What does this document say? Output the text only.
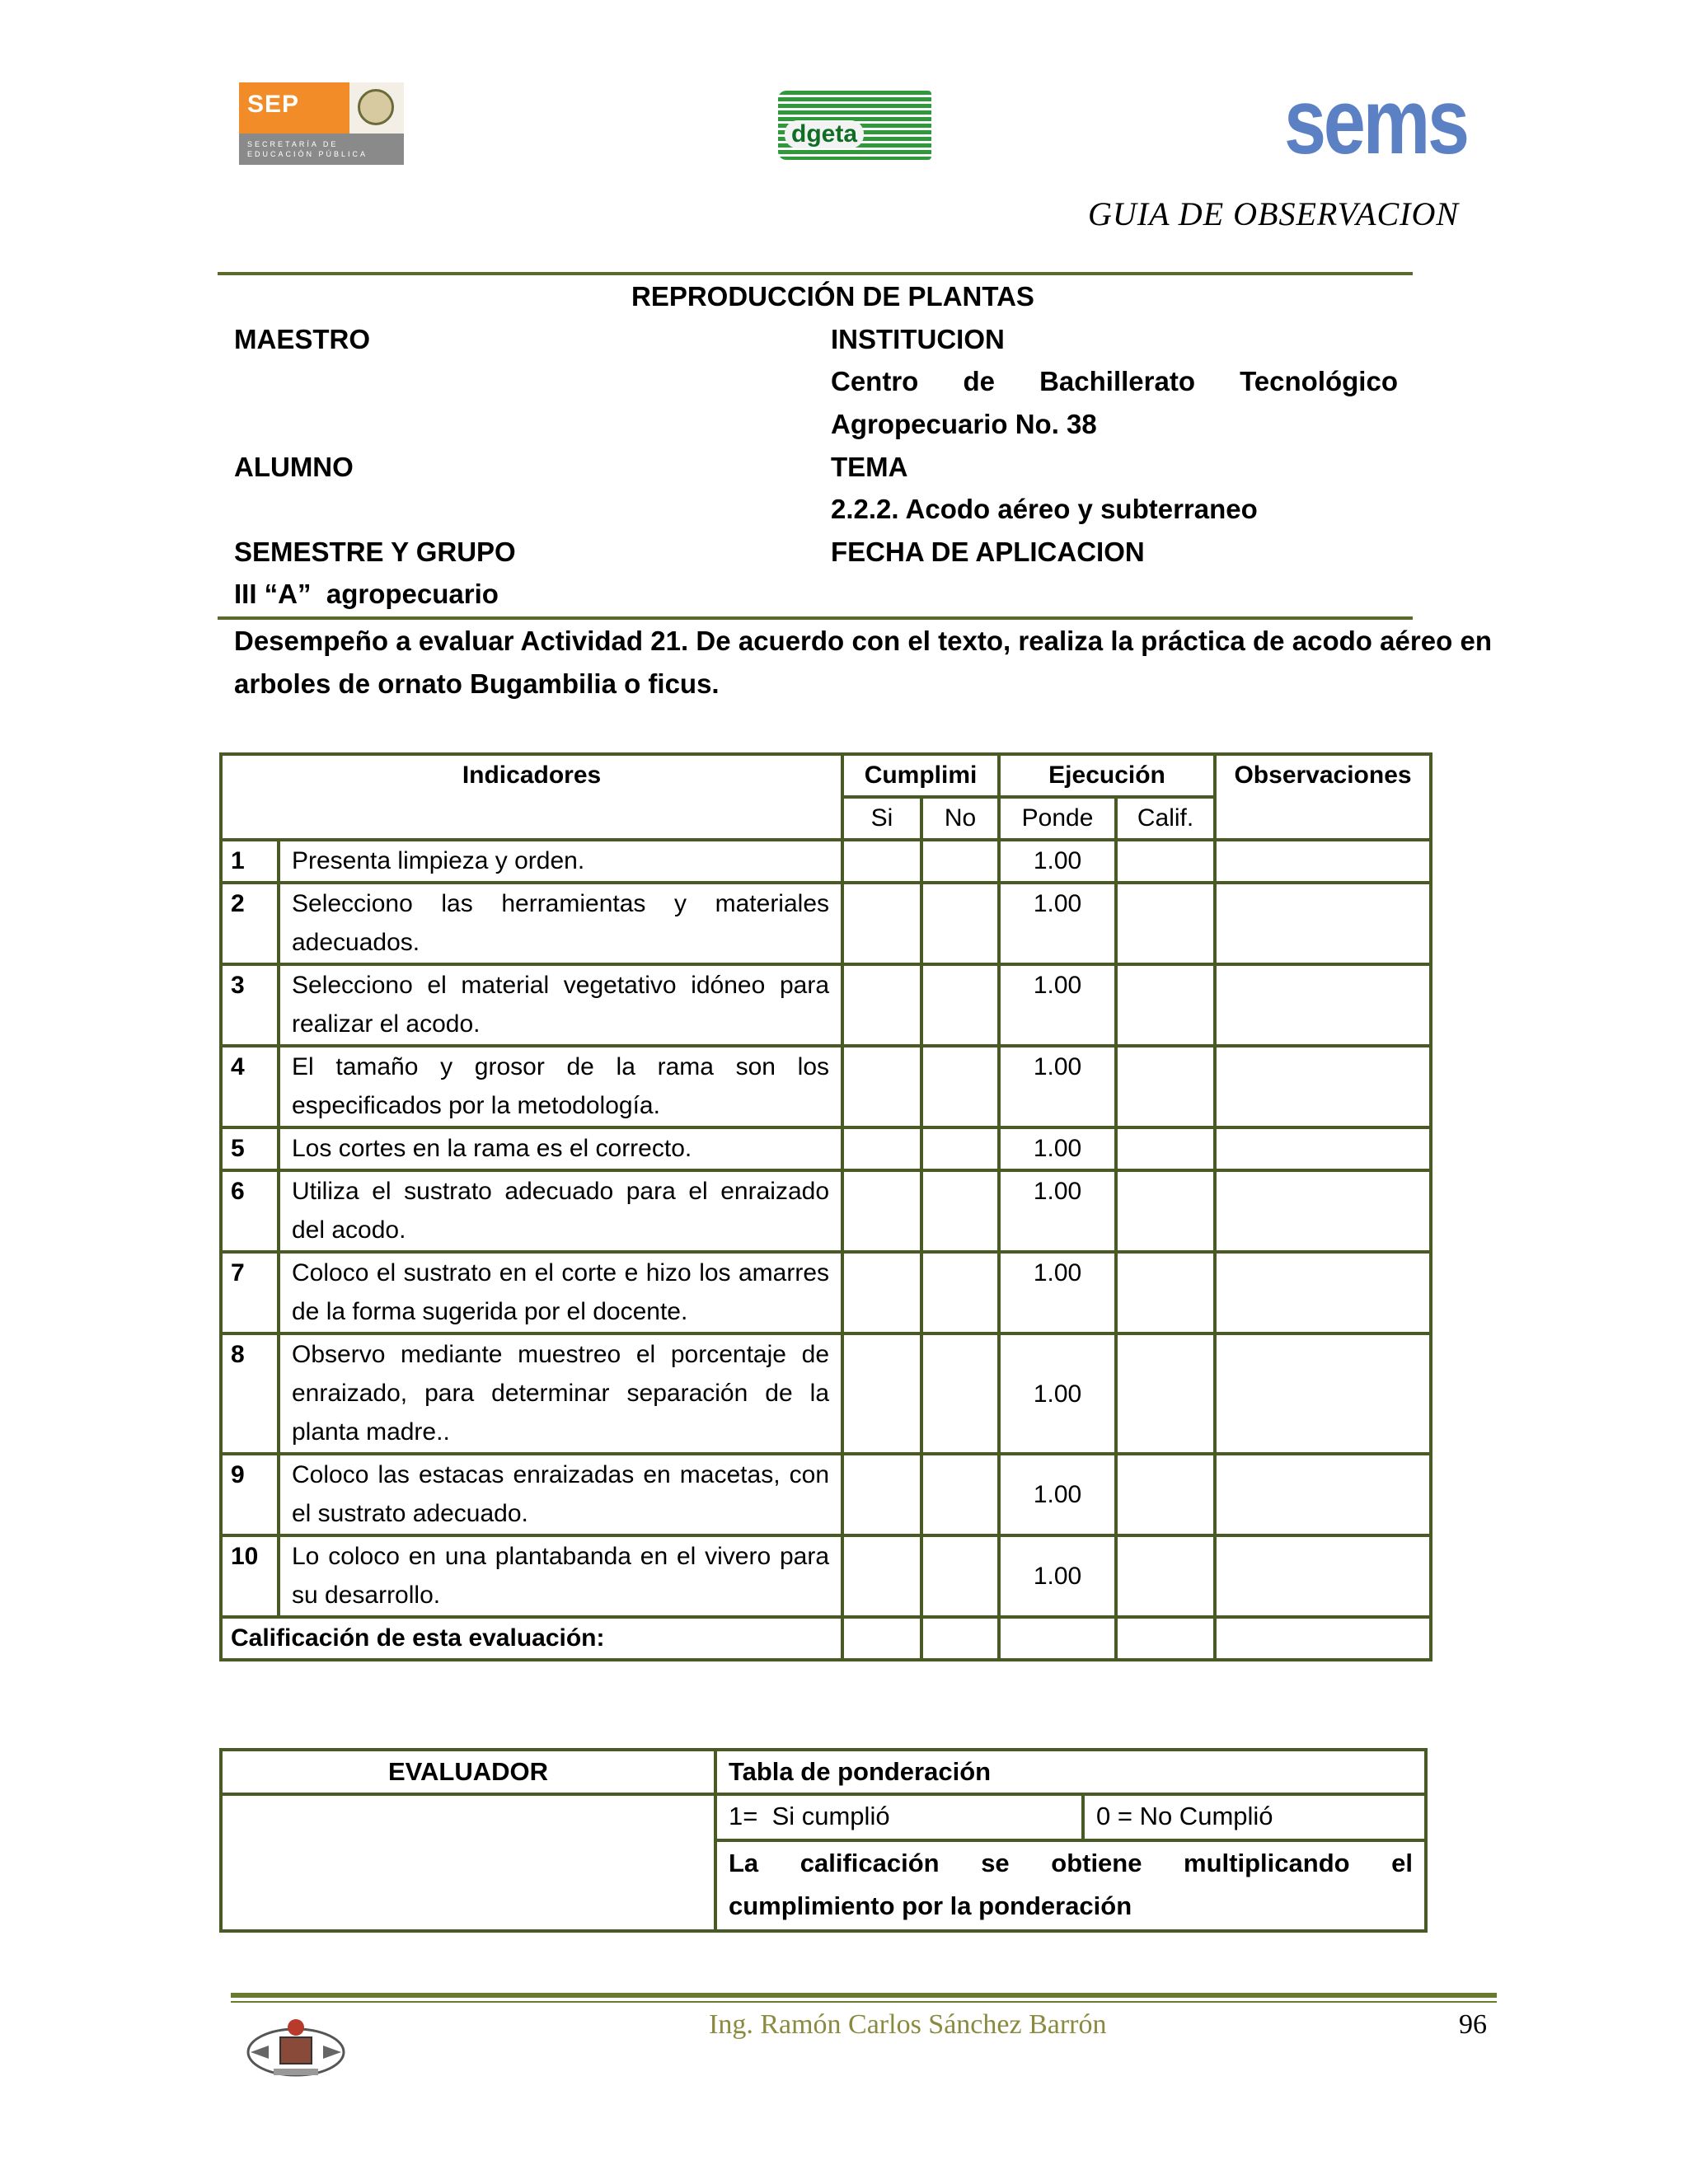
SEP
SECRETARÍA DE EDUCACIÓN PÚBLICA
dgeta	sems
GUIA DE OBSERVACION
REPRODUCCIÓN DE PLANTAS
MAESTRO	INSTITUCION
Centro de Bachillerato Tecnológico
Agropecuario No. 38
ALUMNO	TEMA
2.2.2. Acodo aéreo y subterraneo
SEMESTRE Y GRUPO	FECHA DE APLICACION
III “A”  agropecuario
Desempeño a evaluar Actividad 21. De acuerdo con el texto, realiza la práctica de acodo aéreo en
arboles de ornato Bugambilia o ficus.
Indicadores		Cumplimi		Ejecución		Observaciones
		Si	No	Ponde	Calif.	
1	Presenta limpieza y orden.			1.00		
2	Selecciono las herramientas y materiales adecuados.			1.00		
3	Selecciono el material vegetativo idóneo para realizar el acodo.			1.00		
4	El tamaño y grosor de la rama son los especificados por la metodología.			1.00		
5	Los cortes en la rama es el correcto.			1.00		
6	Utiliza el sustrato adecuado para el enraizado del acodo.			1.00		
7	Coloco el sustrato en el corte e hizo los amarres de la forma sugerida por el docente.			1.00		
8	Observo mediante muestreo el porcentaje de enraizado, para determinar separación de la planta madre..			1.00		
9	Coloco las estacas enraizadas en macetas, con el sustrato adecuado.			1.00		
10	Lo coloco en una plantabanda en el vivero para su desarrollo.			1.00		
Calificación de esta evaluación:						
EVALUADOR	Tabla de ponderación	
	1=  Si cumplió	0 = No Cumplió
	La calificación se obtiene multiplicando el cumplimiento por la ponderación	
Ing. Ramón Carlos Sánchez Barrón	96
